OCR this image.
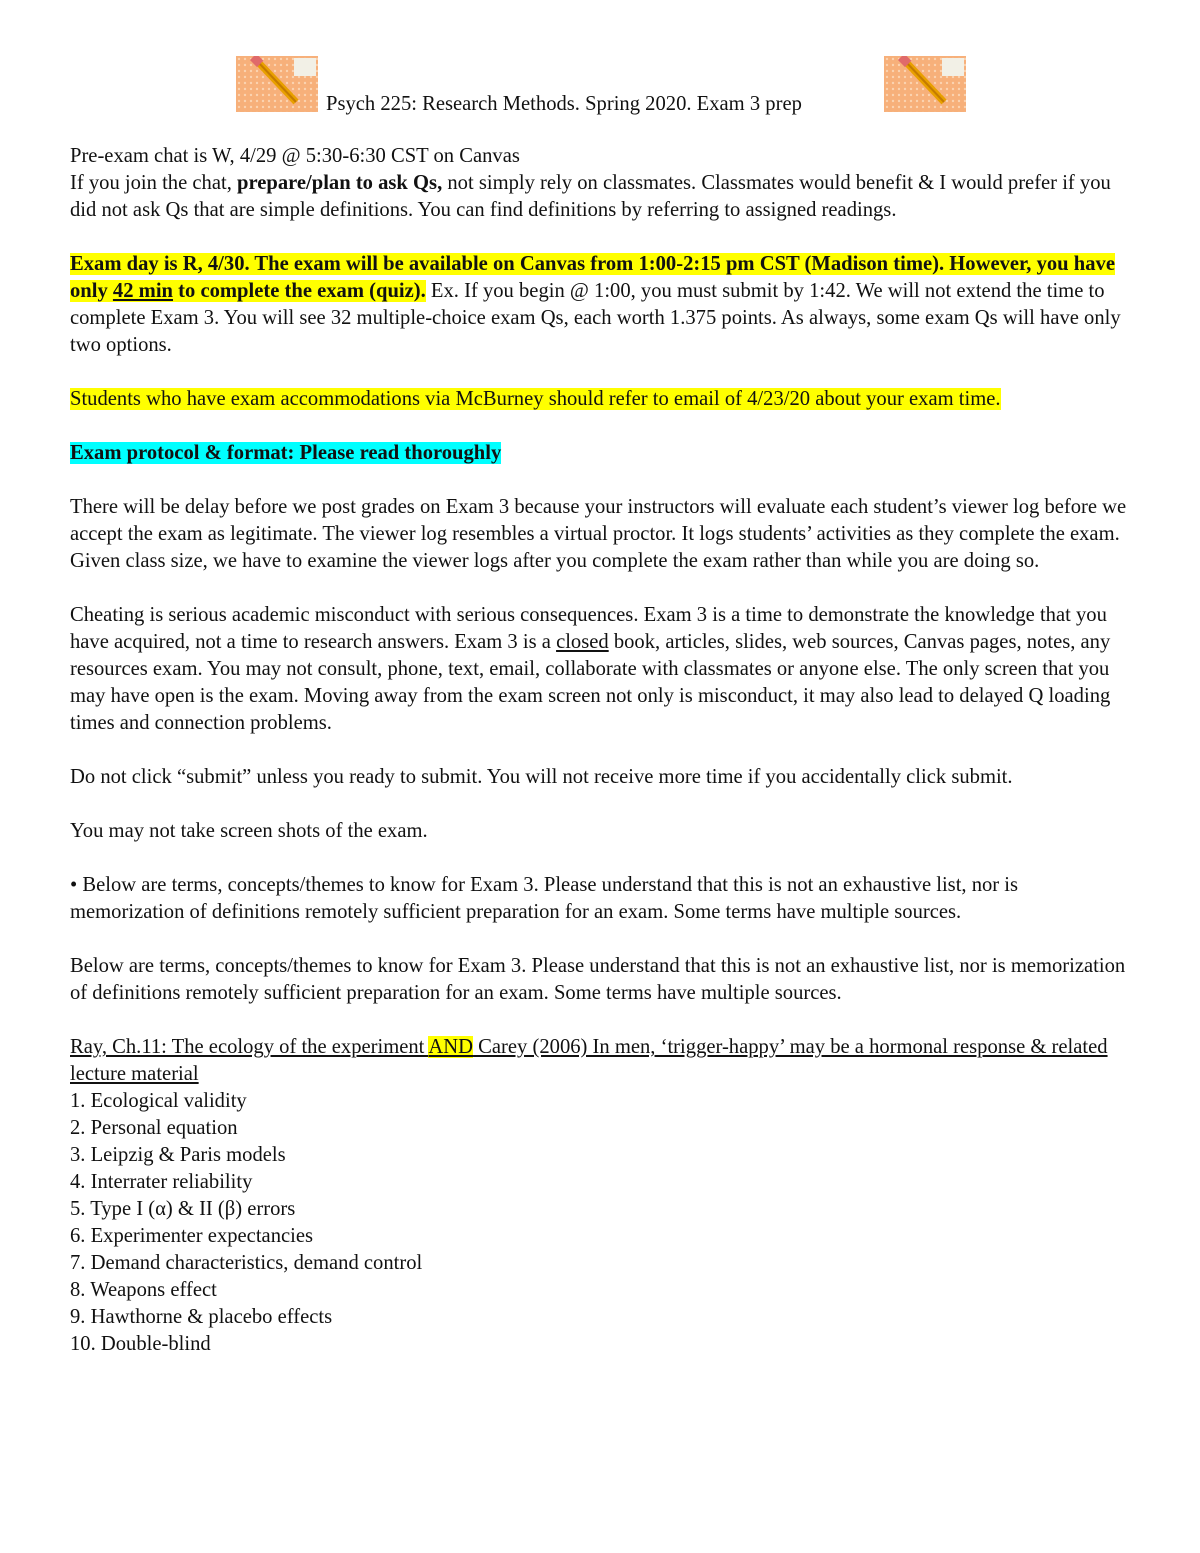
Psych 225: Research Methods. Spring 2020. Exam 3 prep

Pre-exam chat is W, 4/29 @ 5:30-6:30 CST on Canvas

If you join the chat, prepare/plan to ask Qs, not simply rely on classmates. Classmates would benefit & I would prefer if you did not ask Qs that are simple definitions. You can find definitions by referring to assigned readings.

Exam day is R, 4/30. The exam will be available on Canvas from 1:00-2:15 pm CST (Madison time). However, you have only 42 min to complete the exam (quiz). Ex. If you begin @ 1:00, you must submit by 1:42. We will not extend the time to complete Exam 3. You will see 32 multiple-choice exam Qs, each worth 1.375 points. As always, some exam Qs will have only two options.

Students who have exam accommodations via McBurney should refer to email of 4/23/20 about your exam time.

Exam protocol & format: Please read thoroughly

There will be delay before we post grades on Exam 3 because your instructors will evaluate each student’s viewer log before we accept the exam as legitimate. The viewer log resembles a virtual proctor. It logs students’ activities as they complete the exam. Given class size, we have to examine the viewer logs after you complete the exam rather than while you are doing so.

Cheating is serious academic misconduct with serious consequences. Exam 3 is a time to demonstrate the knowledge that you have acquired, not a time to research answers. Exam 3 is a closed book, articles, slides, web sources, Canvas pages, notes, any resources exam. You may not consult, phone, text, email, collaborate with classmates or anyone else. The only screen that you may have open is the exam. Moving away from the exam screen not only is misconduct, it may also lead to delayed Q loading times and connection problems.

Do not click “submit” unless you ready to submit. You will not receive more time if you accidentally click submit.

You may not take screen shots of the exam.

• Below are terms, concepts/themes to know for Exam 3. Please understand that this is not an exhaustive list, nor is memorization of definitions remotely sufficient preparation for an exam. Some terms have multiple sources.

Below are terms, concepts/themes to know for Exam 3. Please understand that this is not an exhaustive list, nor is memorization of definitions remotely sufficient preparation for an exam. Some terms have multiple sources.

Ray, Ch.11: The ecology of the experiment AND Carey (2006) In men, ‘trigger-happy’ may be a hormonal response & related lecture material

1. Ecological validity
2. Personal equation
3. Leipzig & Paris models
4. Interrater reliability
5. Type I (α) & II (β) errors
6. Experimenter expectancies
7. Demand characteristics, demand control
8. Weapons effect
9. Hawthorne & placebo effects
10. Double-blind
